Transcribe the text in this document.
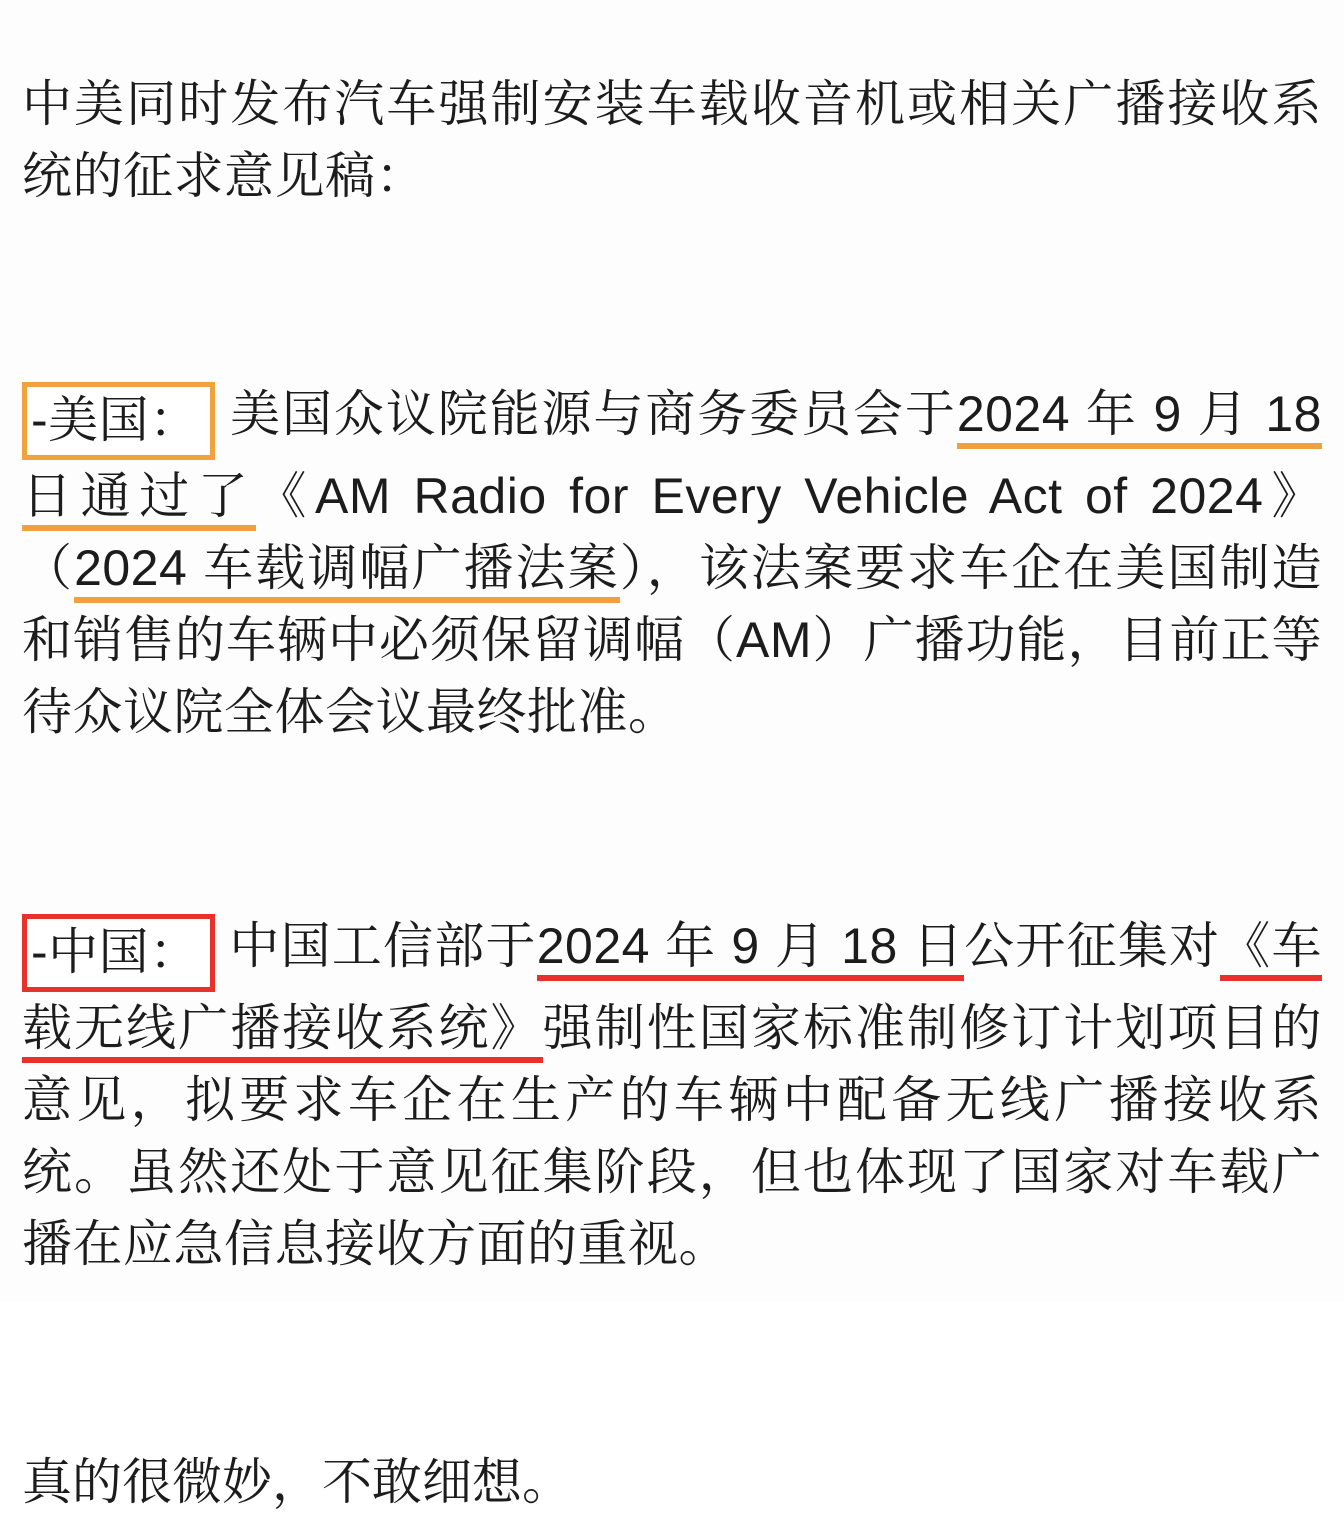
中美同时发布汽车强制安装车载收音机或相关广播接收系统的征求意见稿：

-美国： 美国众议院能源与商务委员会于2024 年 9 月 18 日通过了《AM Radio for Every Vehicle Act of 2024》（2024 车载调幅广播法案），该法案要求车企在美国制造和销售的车辆中必须保留调幅（AM）广播功能，目前正等待众议院全体会议最终批准。

-中国： 中国工信部于2024 年 9 月 18 日公开征集对《车载无线广播接收系统》强制性国家标准制修订计划项目的意见，拟要求车企在生产的车辆中配备无线广播接收系统。虽然还处于意见征集阶段，但也体现了国家对车载广播在应急信息接收方面的重视。

真的很微妙，不敢细想。
